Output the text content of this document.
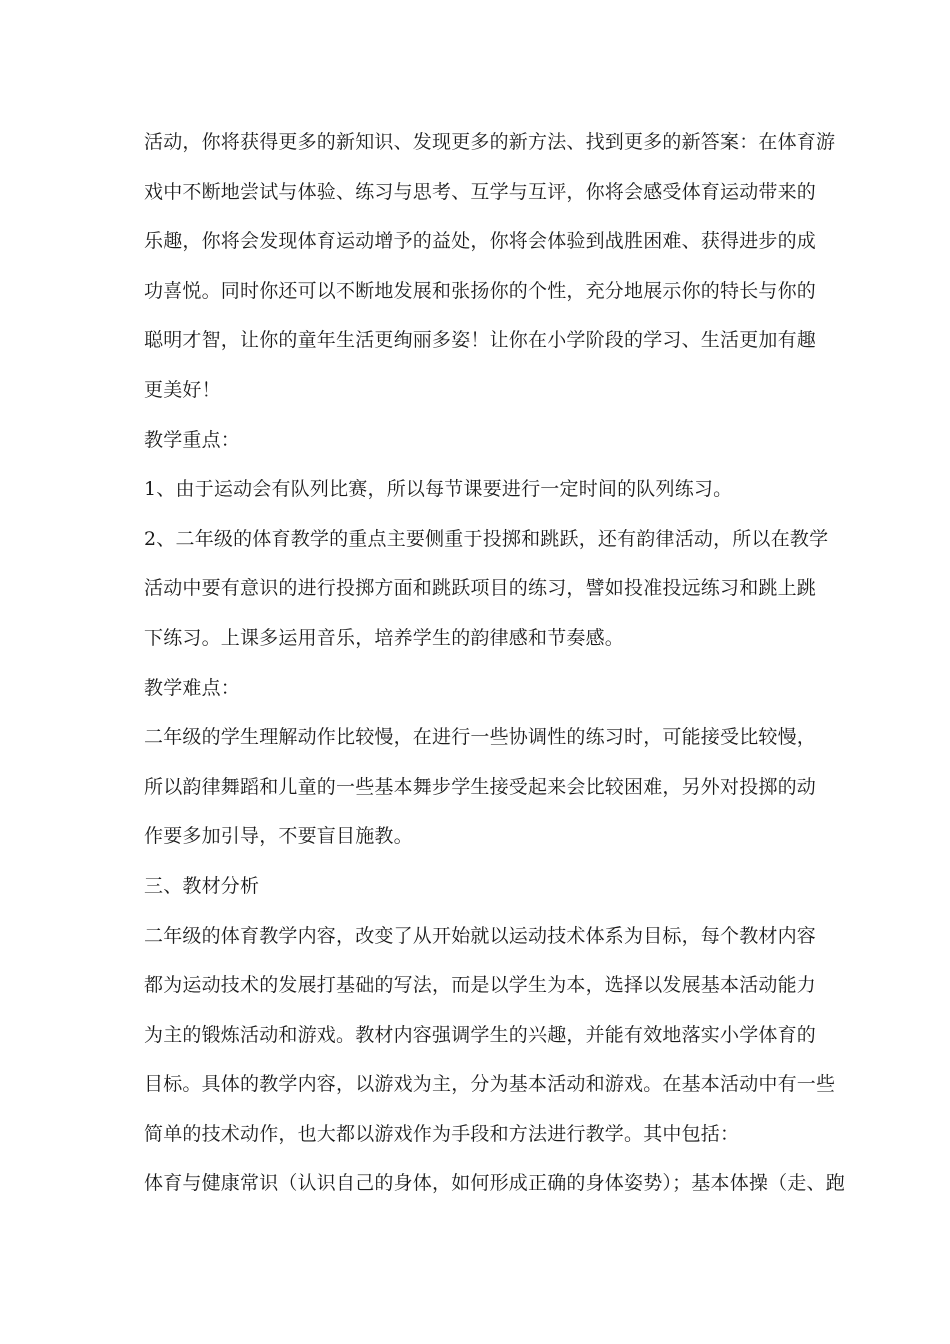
活动，你将获得更多的新知识、发现更多的新方法、找到更多的新答案：在体育游
戏中不断地尝试与体验、练习与思考、互学与互评，你将会感受体育运动带来的
乐趣，你将会发现体育运动增予的益处，你将会体验到战胜困难、获得进步的成
功喜悦。同时你还可以不断地发展和张扬你的个性，充分地展示你的特长与你的
聪明才智，让你的童年生活更绚丽多姿！让你在小学阶段的学习、生活更加有趣
更美好！
教学重点：
1、由于运动会有队列比赛，所以每节课要进行一定时间的队列练习。
2、二年级的体育教学的重点主要侧重于投掷和跳跃，还有韵律活动，所以在教学
活动中要有意识的进行投掷方面和跳跃项目的练习，譬如投准投远练习和跳上跳
下练习。上课多运用音乐，培养学生的韵律感和节奏感。
教学难点：
二年级的学生理解动作比较慢，在进行一些协调性的练习时，可能接受比较慢，
所以韵律舞蹈和儿童的一些基本舞步学生接受起来会比较困难，另外对投掷的动
作要多加引导，不要盲目施教。
三、教材分析
二年级的体育教学内容，改变了从开始就以运动技术体系为目标，每个教材内容
都为运动技术的发展打基础的写法，而是以学生为本，选择以发展基本活动能力
为主的锻炼活动和游戏。教材内容强调学生的兴趣，并能有效地落实小学体育的
目标。具体的教学内容，以游戏为主，分为基本活动和游戏。在基本活动中有一些
简单的技术动作，也大都以游戏作为手段和方法进行教学。其中包括：
体育与健康常识（认识自己的身体，如何形成正确的身体姿势）；基本体操（走、跑
